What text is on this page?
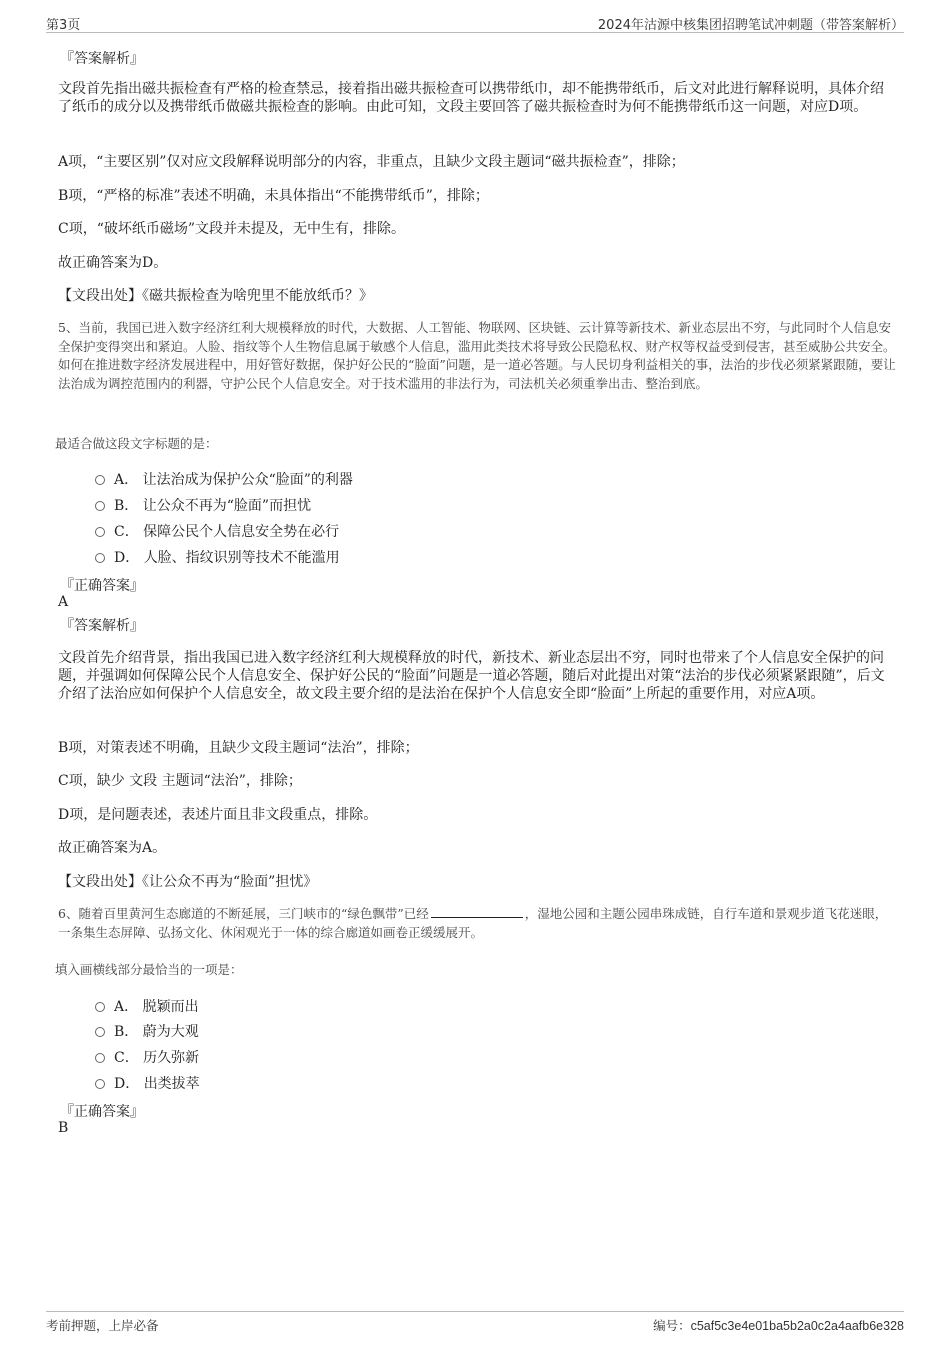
第3页	2024年沽源中核集团招聘笔试冲刺题（带答案解析）

『答案解析』

文段首先指出磁共振检查有严格的检查禁忌，接着指出磁共振检查可以携带纸巾，却不能携带纸币，后文对此进行解释说明，具体介绍了纸币的成分以及携带纸币做磁共振检查的影响。由此可知，文段主要回答了磁共振检查时为何不能携带纸币这一问题，对应D项。

A项，“主要区别”仅对应文段解释说明部分的内容，非重点，且缺少文段主题词“磁共振检查”，排除；

B项，“严格的标准”表述不明确，未具体指出“不能携带纸币”，排除；

C项，“破坏纸币磁场”文段并未提及，无中生有，排除。

故正确答案为D。

【文段出处】《磁共振检查为啥兜里不能放纸币？》

5、当前，我国已进入数字经济红利大规模释放的时代，大数据、人工智能、物联网、区块链、云计算等新技术、新业态层出不穷，与此同时个人信息安全保护变得突出和紧迫。人脸、指纹等个人生物信息属于敏感个人信息，滥用此类技术将导致公民隐私权、财产权等权益受到侵害，甚至威胁公共安全。如何在推进数字经济发展进程中，用好管好数据，保护好公民的“脸面”问题，是一道必答题。与人民切身利益相关的事，法治的步伐必须紧紧跟随，要让法治成为调控范围内的利器，守护公民个人信息安全。对于技术滥用的非法行为，司法机关必须重拳出击、整治到底。

最适合做这段文字标题的是：

A． 让法治成为保护公众“脸面”的利器
B． 让公众不再为“脸面”而担忧
C． 保障公民个人信息安全势在必行
D． 人脸、指纹识别等技术不能滥用

『正确答案』

A

『答案解析』

文段首先介绍背景，指出我国已进入数字经济红利大规模释放的时代，新技术、新业态层出不穷，同时也带来了个人信息安全保护的问题，并强调如何保障公民个人信息安全、保护好公民的“脸面”问题是一道必答题，随后对此提出对策“法治的步伐必须紧紧跟随”，后文介绍了法治应如何保护个人信息安全，故文段主要介绍的是法治在保护个人信息安全即“脸面”上所起的重要作用，对应A项。

B项，对策表述不明确，且缺少文段主题词“法治”，排除；

C项，缺少 文段 主题词“法治”，排除；

D项，是问题表述，表述片面且非文段重点，排除。

故正确答案为A。

【文段出处】《让公众不再为“脸面”担忧》

6、随着百里黄河生态廊道的不断延展，三门峡市的“绿色飘带”已经	，湿地公园和主题公园串珠成链，自行车道和景观步道飞花迷眼，一条集生态屏障、弘扬文化、休闲观光于一体的综合廊道如画卷正缓缓展开。

填入画横线部分最恰当的一项是：

A． 脱颖而出
B． 蔚为大观
C． 历久弥新
D． 出类拔萃

『正确答案』

B

考前押题，上岸必备	编号：c5af5c3e4e01ba5b2a0c2a4aafb6e328
